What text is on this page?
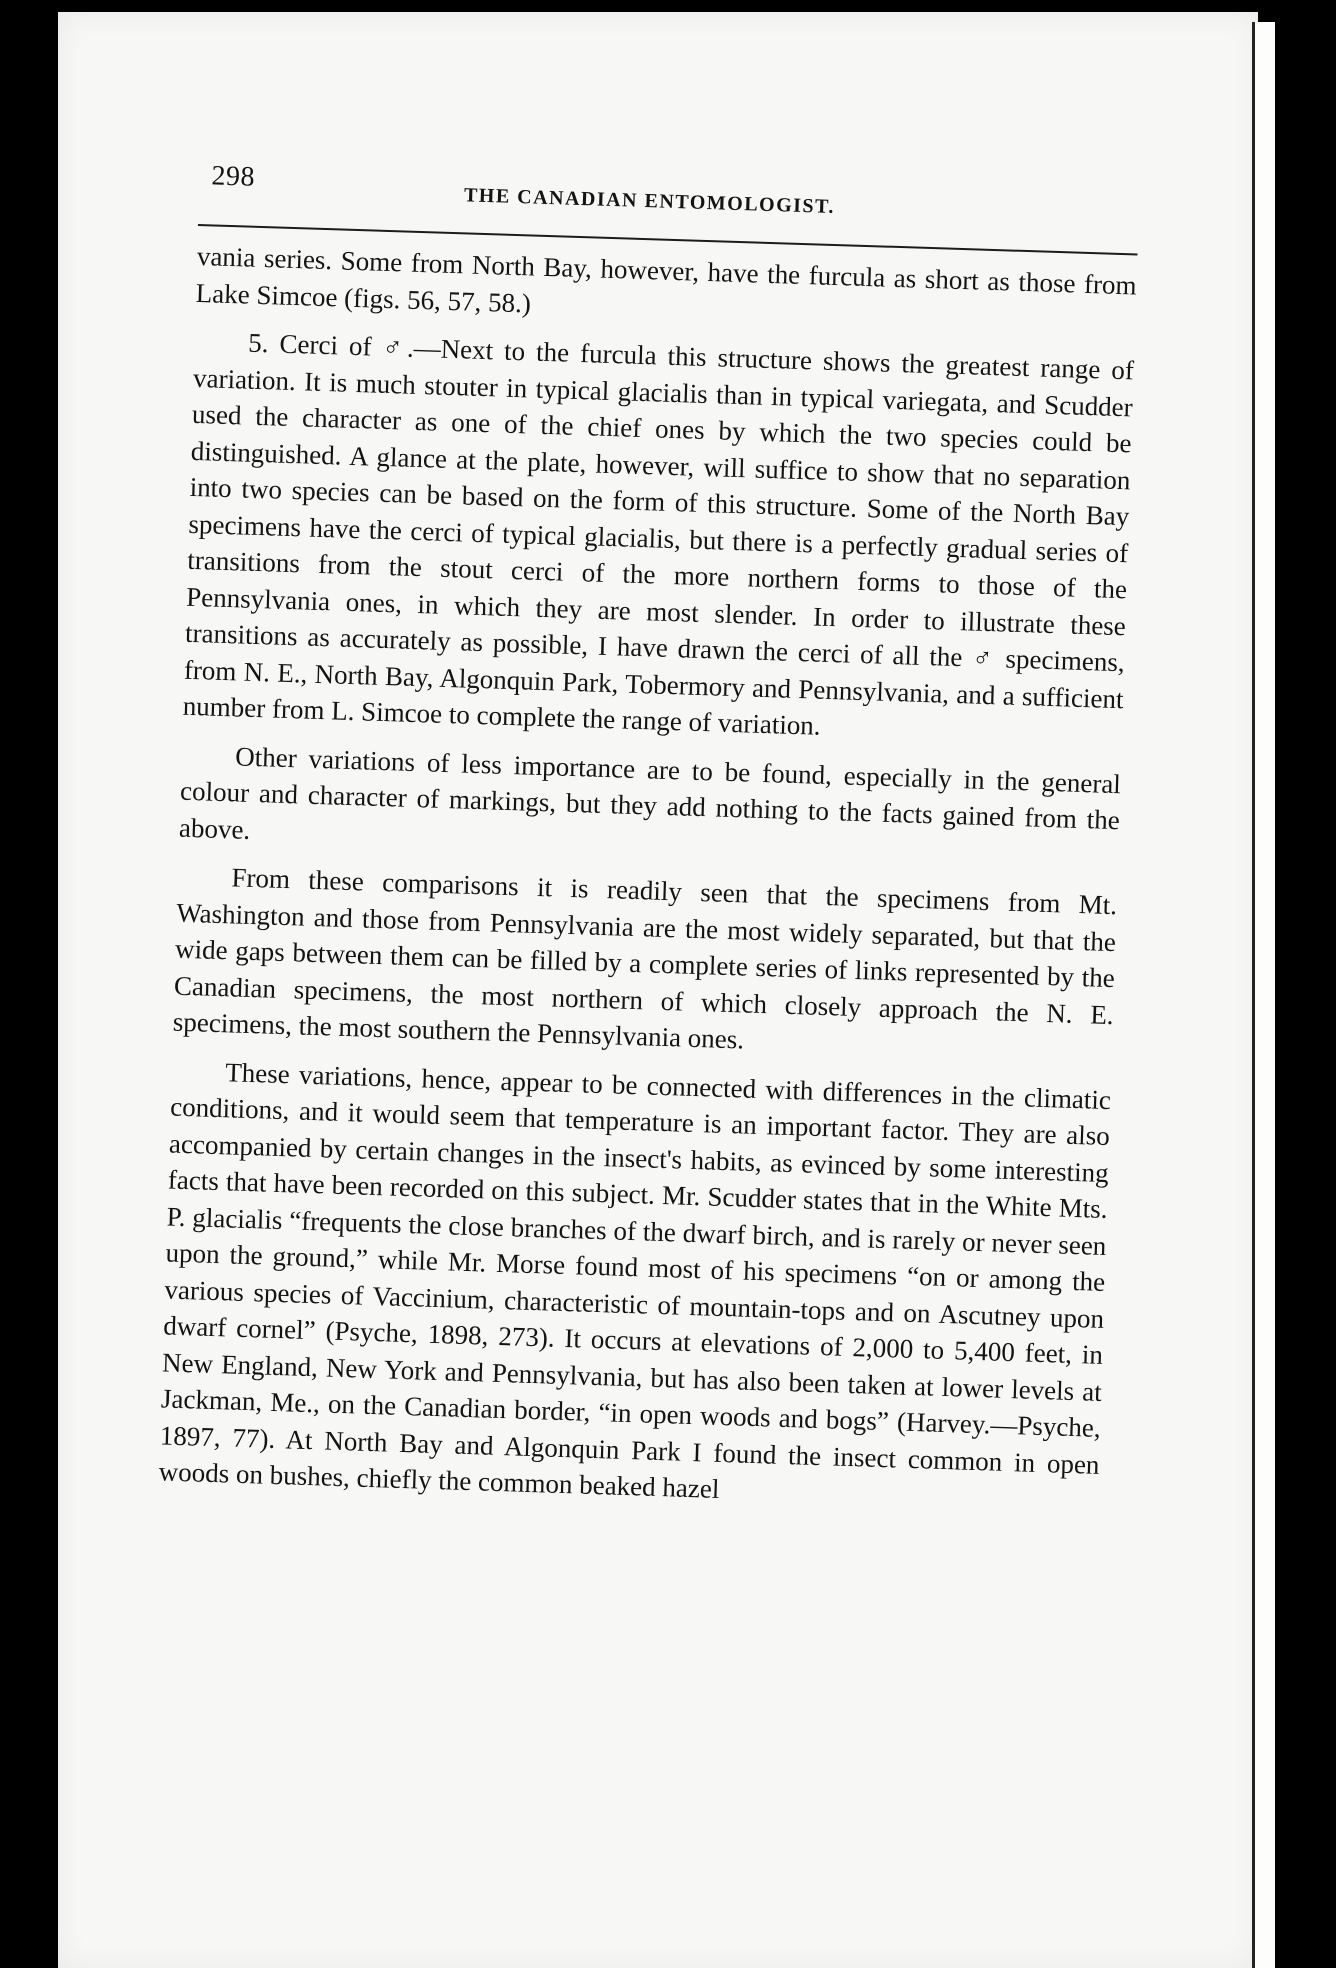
298
THE CANADIAN ENTOMOLOGIST.

vania series. Some from North Bay, however, have the furcula as short as those from Lake Simcoe (figs. 56, 57, 58.)

5. Cerci of ♂.—Next to the furcula this structure shows the greatest range of variation. It is much stouter in typical glacialis than in typical variegata, and Scudder used the character as one of the chief ones by which the two species could be distinguished. A glance at the plate, however, will suffice to show that no separation into two species can be based on the form of this structure. Some of the North Bay specimens have the cerci of typical glacialis, but there is a perfectly gradual series of transitions from the stout cerci of the more northern forms to those of the Pennsylvania ones, in which they are most slender. In order to illustrate these transitions as accurately as possible, I have drawn the cerci of all the ♂ specimens, from N. E., North Bay, Algonquin Park, Tobermory and Pennsylvania, and a sufficient number from L. Simcoe to complete the range of variation.

Other variations of less importance are to be found, especially in the general colour and character of markings, but they add nothing to the facts gained from the above.

From these comparisons it is readily seen that the specimens from Mt. Washington and those from Pennsylvania are the most widely separated, but that the wide gaps between them can be filled by a complete series of links represented by the Canadian specimens, the most northern of which closely approach the N. E. specimens, the most southern the Pennsylvania ones.

These variations, hence, appear to be connected with differences in the climatic conditions, and it would seem that temperature is an important factor. They are also accompanied by certain changes in the insect's habits, as evinced by some interesting facts that have been recorded on this subject. Mr. Scudder states that in the White Mts. P. glacialis “frequents the close branches of the dwarf birch, and is rarely or never seen upon the ground,” while Mr. Morse found most of his specimens “on or among the various species of Vaccinium, characteristic of mountain-tops and on Ascutney upon dwarf cornel” (Psyche, 1898, 273). It occurs at elevations of 2,000 to 5,400 feet, in New England, New York and Pennsylvania, but has also been taken at lower levels at Jackman, Me., on the Canadian border, “in open woods and bogs” (Harvey.—Psyche, 1897, 77). At North Bay and Algonquin Park I found the insect common in open woods on bushes, chiefly the common beaked hazel
